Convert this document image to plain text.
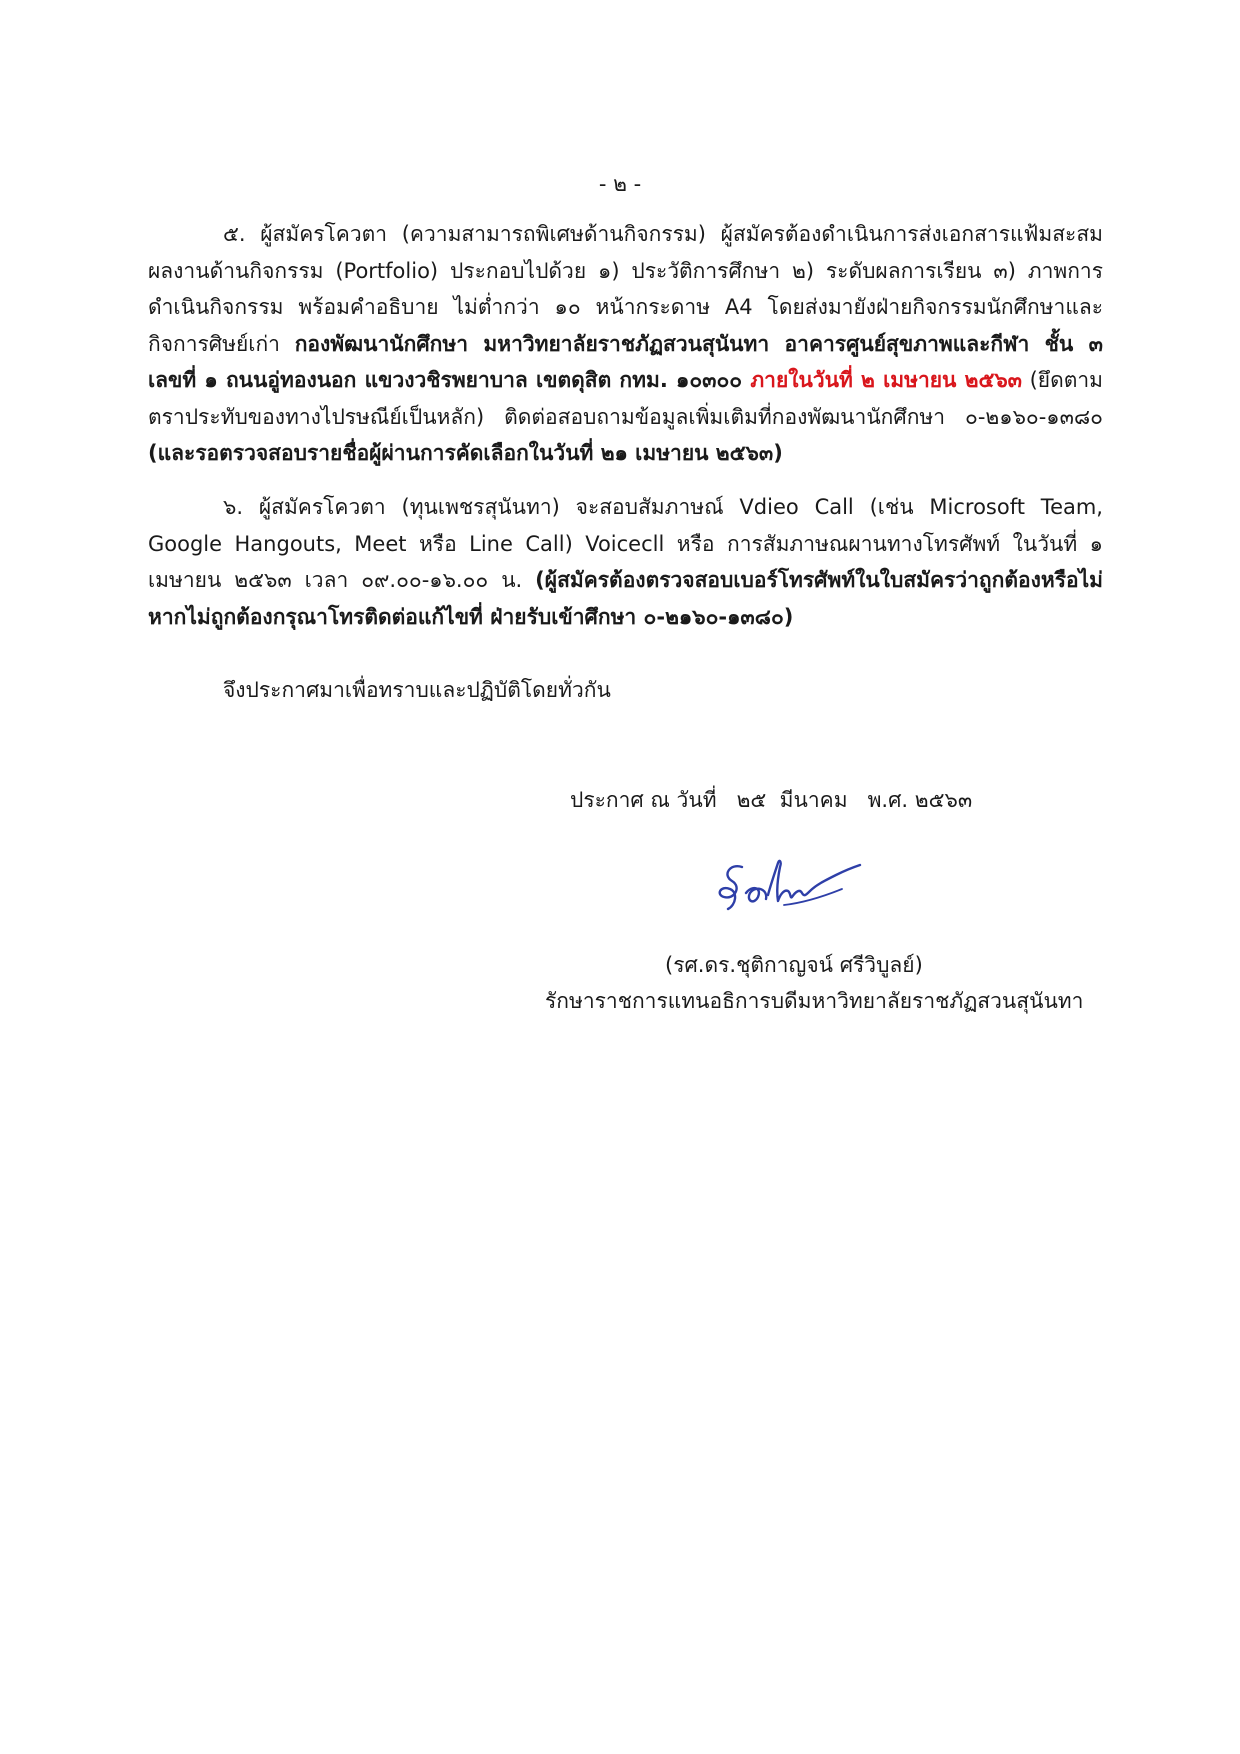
- ๒ -

๕. ผู้สมัครโควตา (ความสามารถพิเศษด้านกิจกรรม) ผู้สมัครต้องดำเนินการส่งเอกสารแฟ้มสะสมผลงานด้านกิจกรรม (Portfolio) ประกอบไปด้วย ๑) ประวัติการศึกษา ๒) ระดับผลการเรียน ๓) ภาพการดำเนินกิจกรรม พร้อมคำอธิบาย ไม่ต่ำกว่า ๑๐ หน้ากระดาษ A4 โดยส่งมายังฝ่ายกิจกรรมนักศึกษาและกิจการศิษย์เก่า กองพัฒนานักศึกษา มหาวิทยาลัยราชภัฏสวนสุนันทา อาคารศูนย์สุขภาพและกีฬา ชั้น ๓ เลขที่ ๑ ถนนอู่ทองนอก แขวงวชิรพยาบาล เขตดุสิต กทม. ๑๐๓๐๐ ภายในวันที่ ๒ เมษายน ๒๕๖๓ (ยึดตามตราประทับของทางไปรษณีย์เป็นหลัก) ติดต่อสอบถามข้อมูลเพิ่มเติมที่กองพัฒนานักศึกษา ๐-๒๑๖๐-๑๓๘๐ (และรอตรวจสอบรายชื่อผู้ผ่านการคัดเลือกในวันที่ ๒๑ เมษายน ๒๕๖๓)

๖. ผู้สมัครโควตา (ทุนเพชรสุนันทา) จะสอบสัมภาษณ์ Vdieo Call (เช่น Microsoft Team, Google Hangouts, Meet หรือ Line Call) Voicecll หรือ การสัมภาษณผานทางโทรศัพท์ ในวันที่ ๑ เมษายน ๒๕๖๓ เวลา ๐๙.๐๐-๑๖.๐๐ น. (ผู้สมัครต้องตรวจสอบเบอร์โทรศัพท์ในใบสมัครว่าถูกต้องหรือไม่ หากไม่ถูกต้องกรุณาโทรติดต่อแก้ไขที่ ฝ่ายรับเข้าศึกษา ๐-๒๑๖๐-๑๓๘๐)

จึงประกาศมาเพื่อทราบและปฏิบัติโดยทั่วกัน

ประกาศ ณ วันที่   ๒๕  มีนาคม   พ.ศ. ๒๕๖๓
(รศ.ดร.ชุติกาญจน์ ศรีวิบูลย์)
รักษาราชการแทนอธิการบดีมหาวิทยาลัยราชภัฏสวนสุนันทา
